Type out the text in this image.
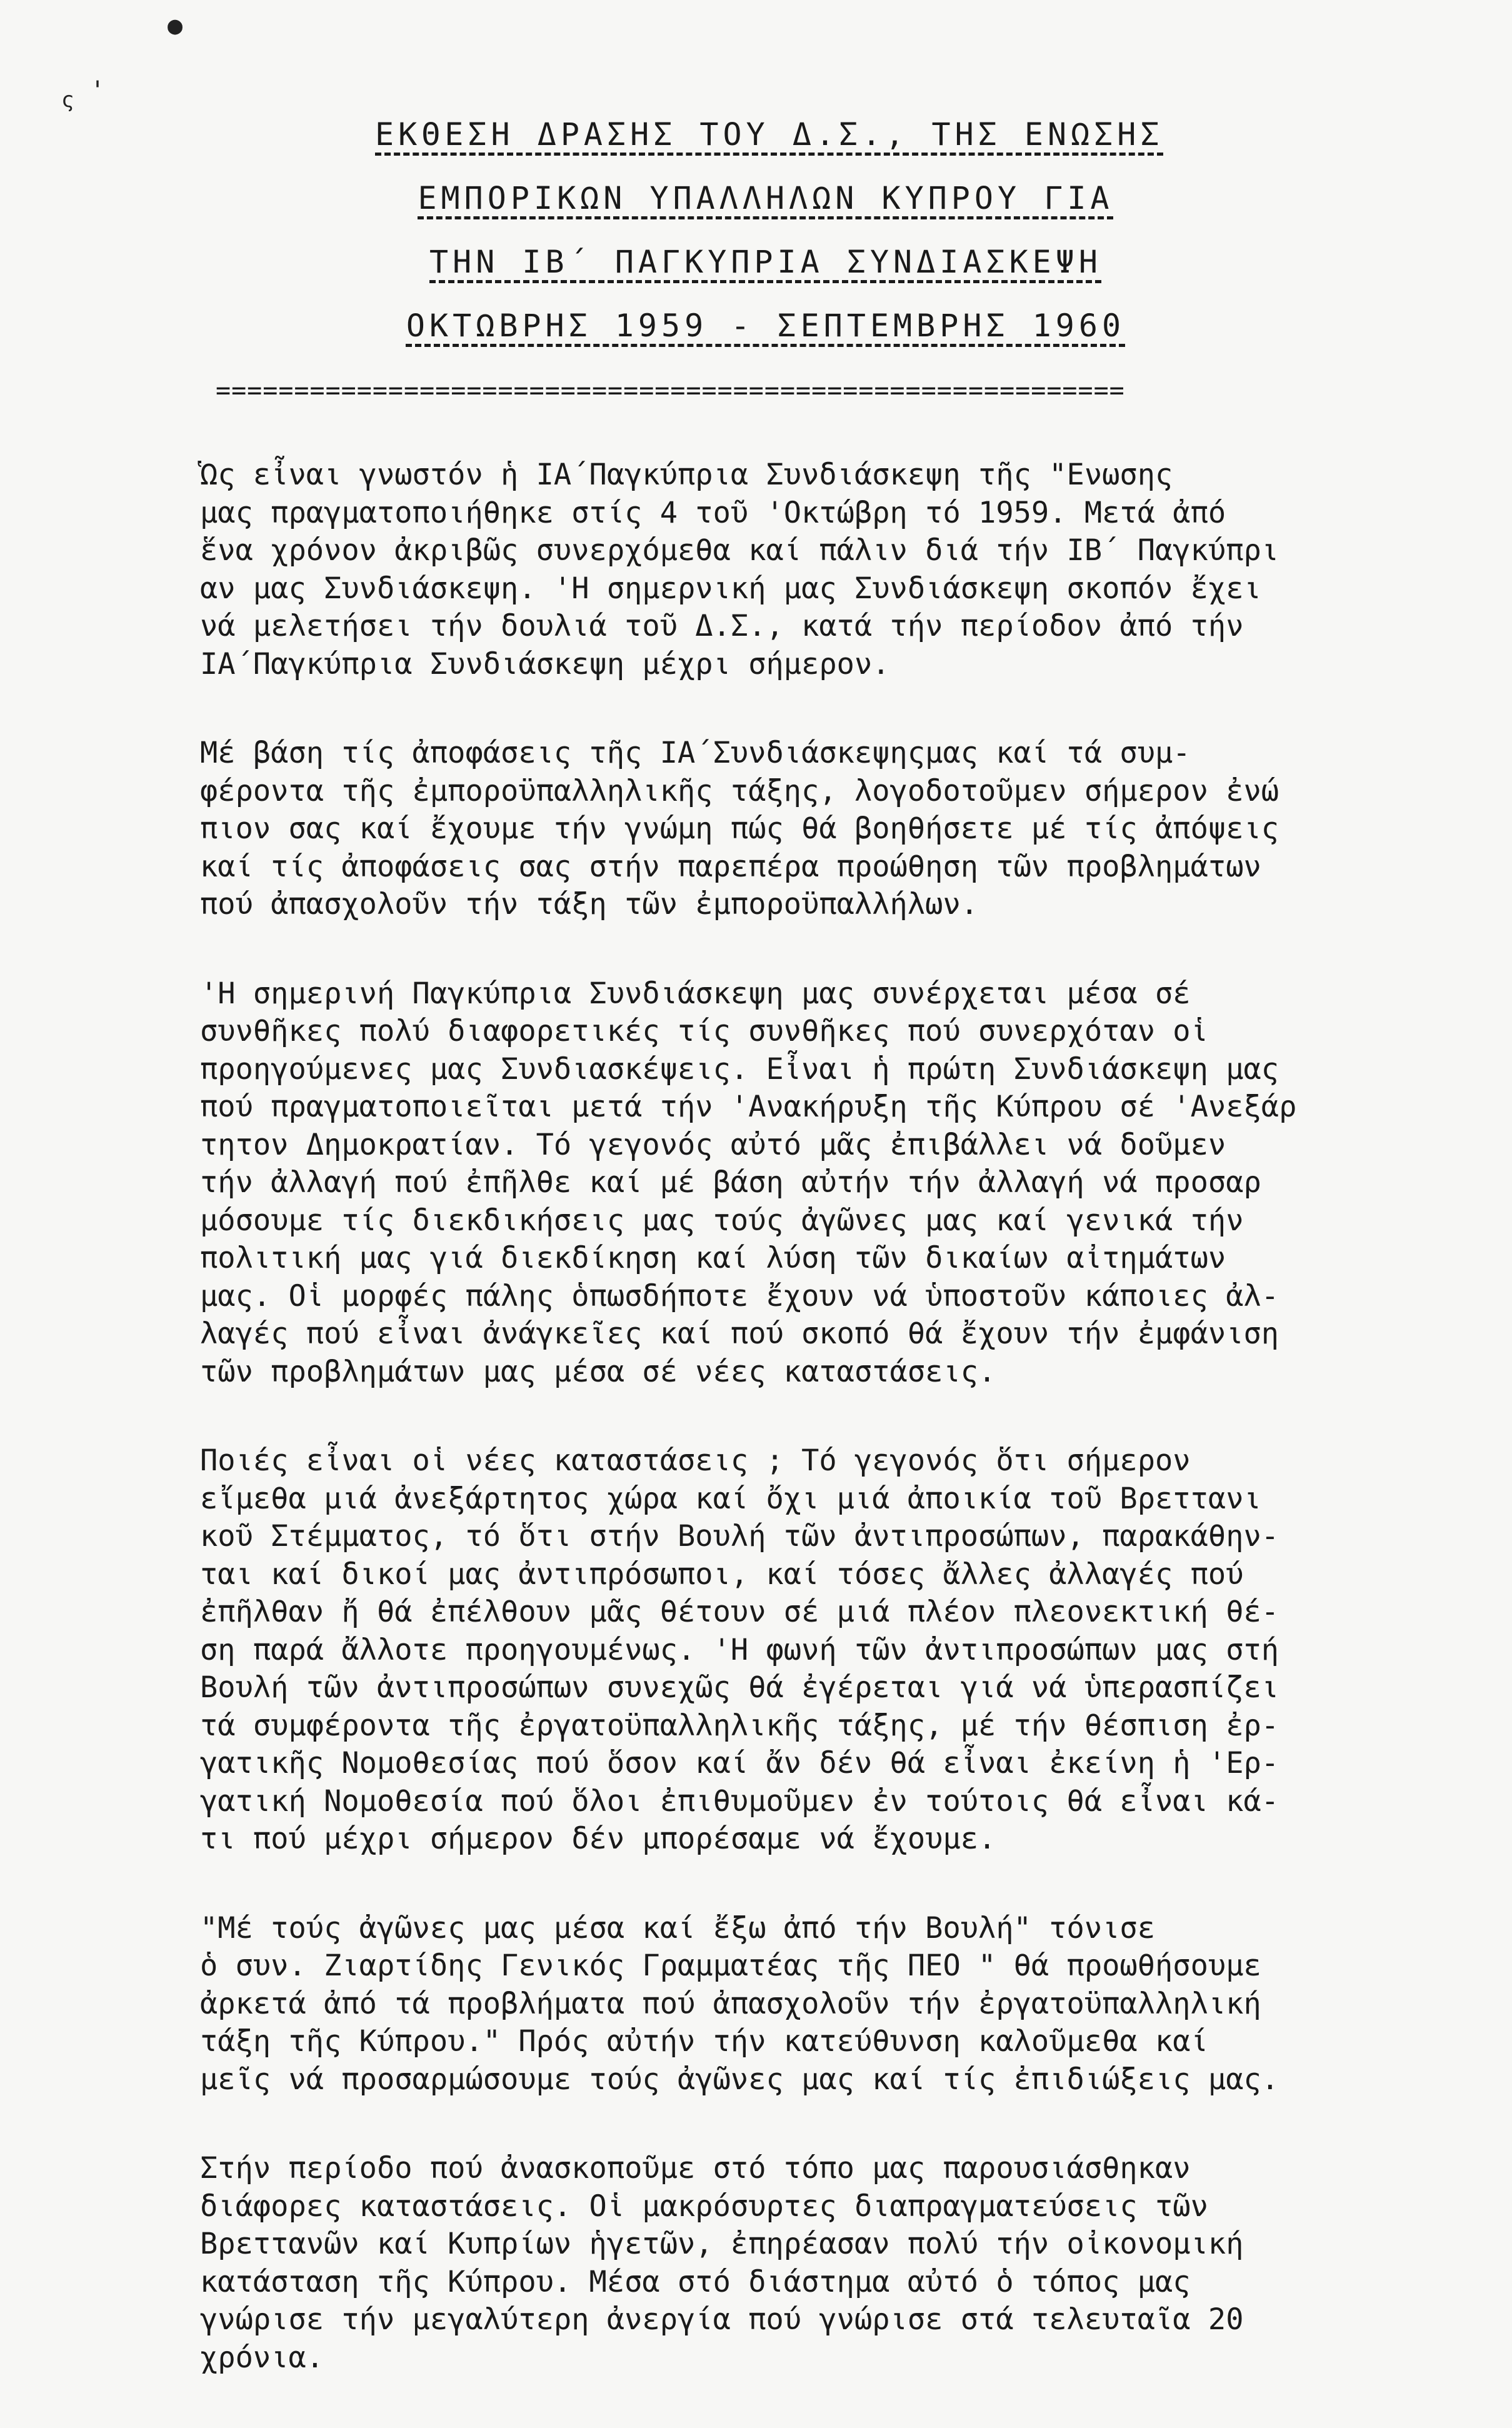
●
ς '
ΕΚΘΕΣΗ ΔΡΑΣΗΣ ΤΟΥ Δ.Σ., ΤΗΣ ΕΝΩΣΗΣ
ΕΜΠΟΡΙΚΩΝ ΥΠΑΛΛΗΛΩΝ ΚΥΠΡΟΥ ΓΙΑ
ΤΗΝ ΙΒ΄ ΠΑΓΚΥΠΡΙΑ ΣΥΝΔΙΑΣΚΕΨΗ
ΟΚΤΩΒΡΗΣ 1959 - ΣΕΠΤΕΜΒΡΗΣ 1960
==========================================================
Ὡς εἶναι γνωστόν ἡ ΙΑ΄Παγκύπρια Συνδιάσκεψη τῆς "Ενωσης
μας πραγματοποιήθηκε στίς 4 τοῦ 'Οκτώβρη τό 1959. Μετά ἀπό
ἕνα χρόνον ἀκριβῶς συνερχόμεθα καί πάλιν διά τήν ΙΒ΄ Παγκύπρι
αν μας Συνδιάσκεψη. 'Η σημερνική μας Συνδιάσκεψη σκοπόν ἔχει
νά μελετήσει τήν δουλιά τοῦ Δ.Σ., κατά τήν περίοδον ἀπό τήν
ΙΑ΄Παγκύπρια Συνδιάσκεψη μέχρι σήμερον.
Μέ βάση τίς ἀποφάσεις τῆς ΙΑ΄Συνδιάσκεψηςμας καί τά συμ-
φέροντα τῆς ἐμποροϋπαλληλικῆς τάξης, λογοδοτοῦμεν σήμερον ἐνώ
πιον σας καί ἔχουμε τήν γνώμη πώς θά βοηθήσετε μέ τίς ἀπόψεις
καί τίς ἀποφάσεις σας στήν παρεπέρα προώθηση τῶν προβλημάτων
πού ἀπασχολοῦν τήν τάξη τῶν ἐμποροϋπαλλήλων.
'Η σημερινή Παγκύπρια Συνδιάσκεψη μας συνέρχεται μέσα σέ
συνθῆκες πολύ διαφορετικές τίς συνθῆκες πού συνερχόταν οἱ
προηγούμενες μας Συνδιασκέψεις. Εἶναι ἡ πρώτη Συνδιάσκεψη μας
πού πραγματοποιεῖται μετά τήν 'Ανακήρυξη τῆς Κύπρου σέ 'Ανεξάρ
τητον Δημοκρατίαν. Τό γεγονός αὐτό μᾶς ἐπιβάλλει νά δοῦμεν
τήν ἀλλαγή πού ἐπῆλθε καί μέ βάση αὐτήν τήν ἀλλαγή νά προσαρ
μόσουμε τίς διεκδικήσεις μας τούς ἀγῶνες μας καί γενικά τήν
πολιτική μας γιά διεκδίκηση καί λύση τῶν δικαίων αἰτημάτων
μας. Οἱ μορφές πάλης ὁπωσδήποτε ἔχουν νά ὑποστοῦν κάποιες ἀλ-
λαγές πού εἶναι ἀνάγκεῖες καί πού σκοπό θά ἔχουν τήν ἐμφάνιση
τῶν προβλημάτων μας μέσα σέ νέες καταστάσεις.
Ποιές εἶναι οἱ νέες καταστάσεις ; Τό γεγονός ὅτι σήμερον
εἴμεθα μιά ἀνεξάρτητος χώρα καί ὄχι μιά ἀποικία τοῦ Βρεττανι
κοῦ Στέμματος, τό ὅτι στήν Βουλή τῶν ἀντιπροσώπων, παρακάθην-
ται καί δικοί μας ἀντιπρόσωποι, καί τόσες ἄλλες ἀλλαγές πού
ἐπῆλθαν ἤ θά ἐπέλθουν μᾶς θέτουν σέ μιά πλέον πλεονεκτική θέ-
ση παρά ἄλλοτε προηγουμένως. 'Η φωνή τῶν ἀντιπροσώπων μας στή
Βουλή τῶν ἀντιπροσώπων συνεχῶς θά ἐγέρεται γιά νά ὑπερασπίζει
τά συμφέροντα τῆς ἐργατοϋπαλληλικῆς τάξης, μέ τήν θέσπιση ἐρ-
γατικῆς Νομοθεσίας πού ὅσον καί ἄν δέν θά εἶναι ἐκείνη ἡ 'Ερ-
γατική Νομοθεσία πού ὅλοι ἐπιθυμοῦμεν ἐν τούτοις θά εἶναι κά-
τι πού μέχρι σήμερον δέν μπορέσαμε νά ἔχουμε.
"Μέ τούς ἀγῶνες μας μέσα καί ἔξω ἀπό τήν Βουλή" τόνισε
ὁ συν. Ζιαρτίδης Γενικός Γραμματέας τῆς ΠΕΟ " θά προωθήσουμε
ἀρκετά ἀπό τά προβλήματα πού ἀπασχολοῦν τήν ἐργατοϋπαλληλική
τάξη τῆς Κύπρου." Πρός αὐτήν τήν κατεύθυνση καλοῦμεθα καί
μεῖς νά προσαρμώσουμε τούς ἀγῶνες μας καί τίς ἐπιδιώξεις μας.
Στήν περίοδο πού ἀνασκοποῦμε στό τόπο μας παρουσιάσθηκαν
διάφορες καταστάσεις. Οἱ μακρόσυρτες διαπραγματεύσεις τῶν
Βρεττανῶν καί Κυπρίων ἡγετῶν, ἐπηρέασαν πολύ τήν οἰκονομική
κατάσταση τῆς Κύπρου. Μέσα στό διάστημα αὐτό ὁ τόπος μας
γνώρισε τήν μεγαλύτερη ἀνεργία πού γνώρισε στά τελευταῖα 20
χρόνια.
